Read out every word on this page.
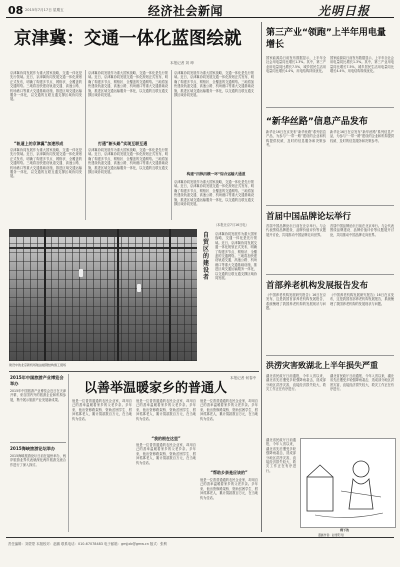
08 2015年7月17日 星期五	经济社会新闻	光明日报
京津冀：交通一体化蓝图绘就
本报记者 刘 坤
京津冀协同发展作为重大国家战略，交通一体化是先行领域。近日，京津冀协同发展交通一体化规划正式发布，明确了构建多节点、网格状、全覆盖的交通网络。三地将加快建设轨道交通、高速公路、机场港口等重大交通基础设施，推进区域交通运输服务一体化，以交通的互联互通支撑区域协同发展。
“轨道上的京津冀”加速形成
京津冀协同发展作为重大国家战略，交通一体化是先行领域。近日，京津冀协同发展交通一体化规划正式发布，明确了构建多节点、网格状、全覆盖的交通网络。三地将加快建设轨道交通、高速公路、机场港口等重大交通基础设施，推进区域交通运输服务一体化，以交通的互联互通支撑区域协同发展。
京津冀协同发展作为重大国家战略，交通一体化是先行领域。近日，京津冀协同发展交通一体化规划正式发布，明确了构建多节点、网格状、全覆盖的交通网络。三地将加快建设轨道交通、高速公路、机场港口等重大交通基础设施，推进区域交通运输服务一体化，以交通的互联互通支撑区域协同发展。
打通“断头路”实现互联互通
京津冀协同发展作为重大国家战略，交通一体化是先行领域。近日，京津冀协同发展交通一体化规划正式发布，明确了构建多节点、网格状、全覆盖的交通网络。三地将加快建设轨道交通、高速公路、机场港口等重大交通基础设施，推进区域交通运输服务一体化，以交通的互联互通支撑区域协同发展。
京津冀协同发展作为重大国家战略，交通一体化是先行领域。近日，京津冀协同发展交通一体化规划正式发布，明确了构建多节点、网格状、全覆盖的交通网络。三地将加快建设轨道交通、高速公路、机场港口等重大交通基础设施，推进区域交通运输服务一体化，以交通的互联互通支撑区域协同发展。
构建“四纵四横一环”综合运输大通道
京津冀协同发展作为重大国家战略，交通一体化是先行领域。近日，京津冀协同发展交通一体化规划正式发布，明确了构建多节点、网格状、全覆盖的交通网络。三地将加快建设轨道交通、高速公路、机场港口等重大交通基础设施，推进区域交通运输服务一体化，以交通的互联互通支撑区域协同发展。
（本报北京7月16日电）
建设中的北京新机场航站楼钢结构施工现场
自贸区的建设者
京津冀协同发展作为重大国家战略，交通一体化是先行领域。近日，京津冀协同发展交通一体化规划正式发布，明确了构建多节点、网格状、全覆盖的交通网络。三地将加快建设轨道交通、高速公路、机场港口等重大交通基础设施，推进区域交通运输服务一体化，以交通的互联互通支撑区域协同发展。
第三产业“领跑”上半年用电量增长
国家能源局日前发布数据显示，上半年全社会用电量同比增长1.3%。其中，第三产业用电量同比增长7.5%，城乡居民生活用电量同比增长4.4%，用电结构持续优化。
国家能源局日前发布数据显示，上半年全社会用电量同比增长1.3%。其中，第三产业用电量同比增长7.5%，城乡居民生活用电量同比增长4.4%，用电结构持续优化。
“新华丝路”信息产品发布
新华社16日在京发布“新华丝路”系列信息产品，为参与“一带一路”建设的企业和机构提供权威、及时的信息服务和决策参考。
新华社16日在京发布“新华丝路”系列信息产品，为参与“一带一路”建设的企业和机构提供权威、及时的信息服务和决策参考。
首届中国品牌论坛举行
首届中国品牌论坛日前在北京举行。与会代表围绕品牌建设、品牌价值评价等议题展开讨论，共同推动中国品牌走向世界。
首届中国品牌论坛日前在北京举行。与会代表围绕品牌建设、品牌价值评价等议题展开讨论，共同推动中国品牌走向世界。
首部养老机构发展报告发布
《中国养老机构发展研究报告》16日在京发布，这是我国首部养老机构发展报告，系统梳理了我国养老机构的发展现状与问题。
《中国养老机构发展研究报告》16日在京发布，这是我国首部养老机构发展报告，系统梳理了我国养老机构的发展现状与问题。
洪涝灾害致湖北上半年损失严重
湖北省民政厅日前通报，今年入汛以来，湖北省先后遭受多轮强降雨袭击，造成部分地区洪涝灾害，直接经济损失较大，救灾工作正在有序进行。
湖北省民政厅日前通报，今年入汛以来，湖北省先后遭受多轮强降雨袭击，造成部分地区洪涝灾害，直接经济损失较大，救灾工作正在有序进行。
剩下的
漫画作者：赵雪阳 绘
2015年中国旅游产业博览会举办
2015年中国旅游产业博览会近日在天津开幕，来自国内外的旅游企业和机构参展，集中展示旅游产业发展新成果。
2015海峡旅游论坛举办
2015海峡旅游论坛日前在福州举办，两岸旅游业界代表就深化两岸旅游交流合作进行了深入探讨。
以善举温暖家乡的普通人
本报记者 何春中
他是一位普普通通的农民企业家，却用自己的善举温暖着家乡的父老乡亲。多年来，他出资修路架桥、资助贫困学生、慰问孤寡老人，累计捐款数百万元，在当地传为佳话。
“我的根在这里”
他是一位普普通通的农民企业家，却用自己的善举温暖着家乡的父老乡亲。多年来，他出资修路架桥、资助贫困学生、慰问孤寡老人，累计捐款数百万元，在当地传为佳话。
他是一位普普通通的农民企业家，却用自己的善举温暖着家乡的父老乡亲。多年来，他出资修路架桥、资助贫困学生、慰问孤寡老人，累计捐款数百万元，在当地传为佳话。
“帮助乡亲是应该的”
他是一位普普通通的农民企业家，却用自己的善举温暖着家乡的父老乡亲。多年来，他出资修路架桥、资助贫困学生、慰问孤寡老人，累计捐款数百万元，在当地传为佳话。
他是一位普普通通的农民企业家，却用自己的善举温暖着家乡的父老乡亲。多年来，他出资修路架桥、资助贫困学生、慰问孤寡老人，累计捐款数百万元，在当地传为佳话。
湖北省民政厅日前通报，今年入汛以来，湖北省先后遭受多轮强降雨袭击，造成部分地区洪涝灾害，直接经济损失较大，救灾工作正在有序进行。
责任编辑：刘蒙蒙 本版校对：赵鹏 联系电话：010-67078483 电子邮箱：gmjjxb@gmw.cn 版式：张利
